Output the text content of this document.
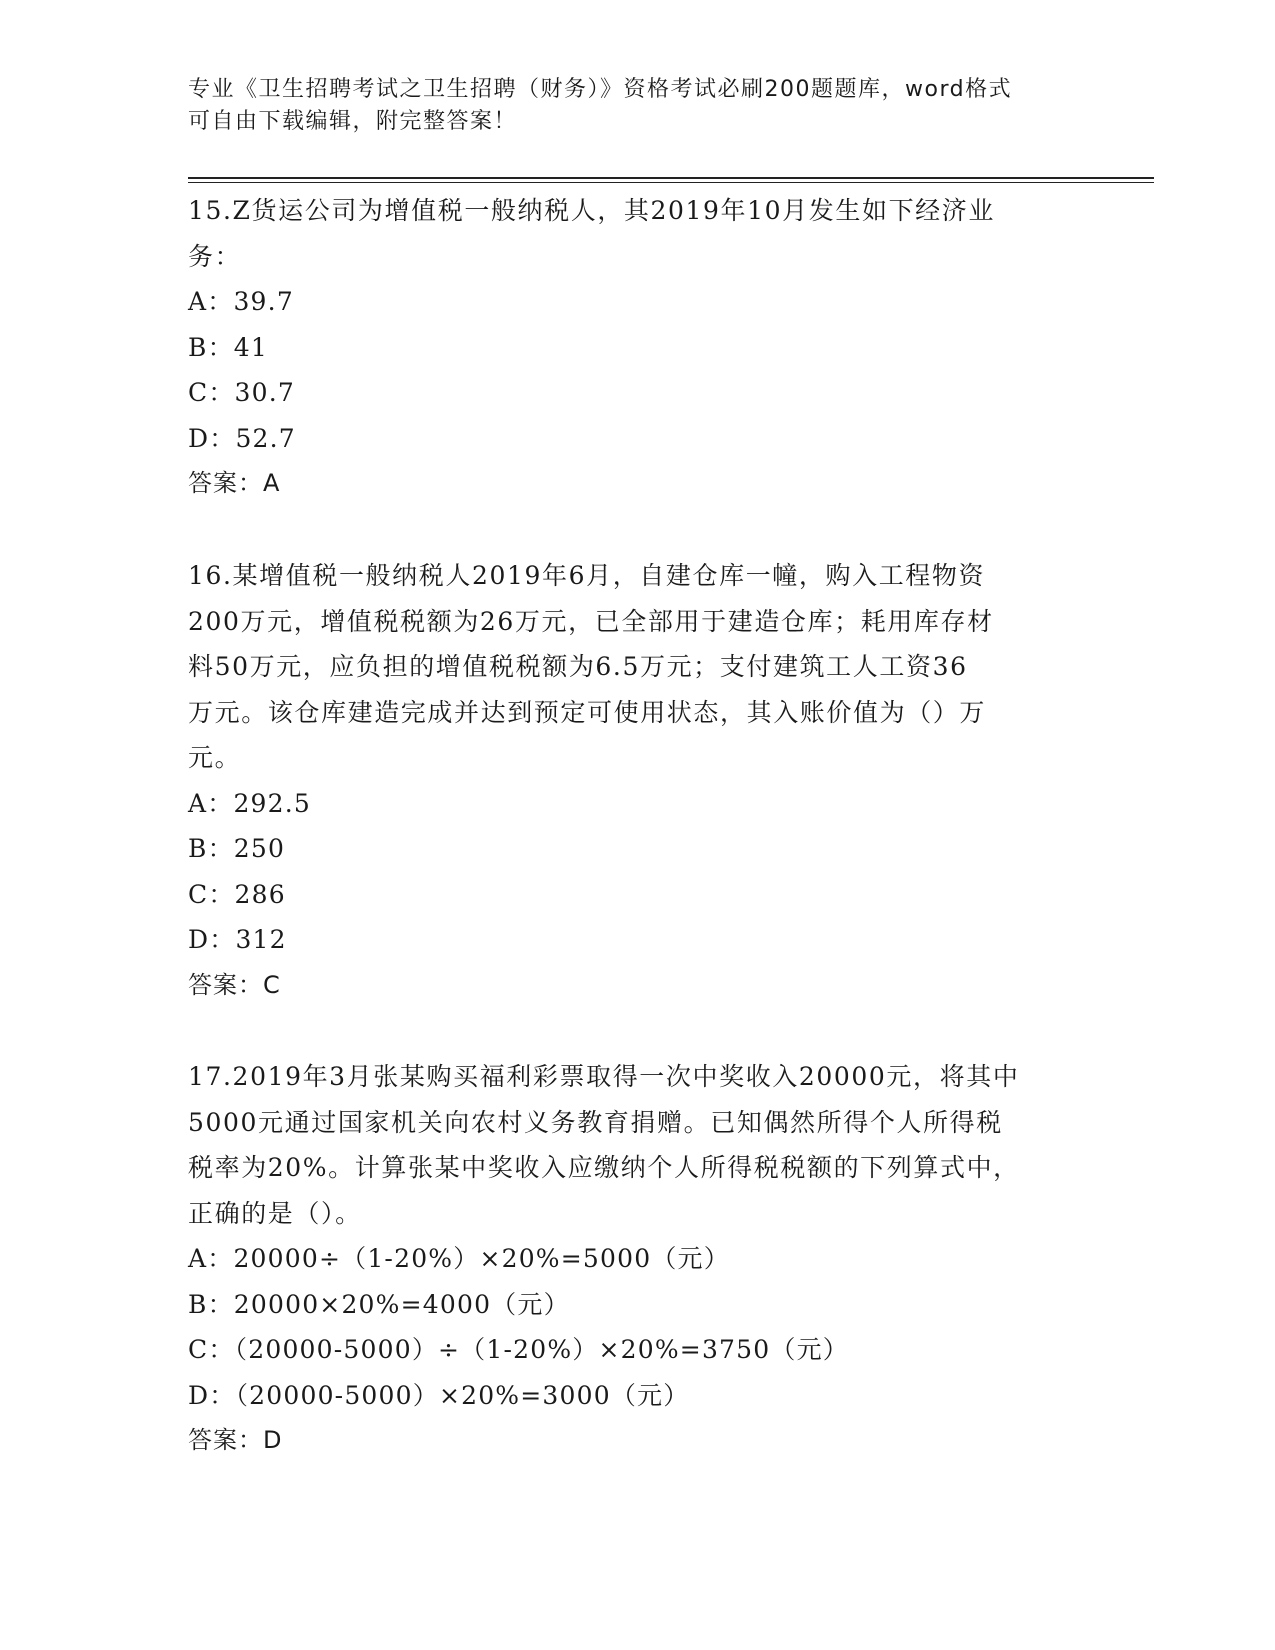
专业《卫生招聘考试之卫生招聘（财务）》资格考试必刷200题题库，word格式
可自由下载编辑，附完整答案！

15.Z货运公司为增值税一般纳税人，其2019年10月发生如下经济业

务：

A：39.7

B：41

C：30.7

D：52.7

答案：A

16.某增值税一般纳税人2019年6月，自建仓库一幢，购入工程物资

200万元，增值税税额为26万元，已全部用于建造仓库；耗用库存材

料50万元，应负担的增值税税额为6.5万元；支付建筑工人工资36

万元。该仓库建造完成并达到预定可使用状态，其入账价值为（）万

元。

A：292.5

B：250

C：286

D：312

答案：C

17.2019年3月张某购买福利彩票取得一次中奖收入20000元，将其中

5000元通过国家机关向农村义务教育捐赠。已知偶然所得个人所得税

税率为20%。计算张某中奖收入应缴纳个人所得税税额的下列算式中，

正确的是（）。

A：20000÷（1-20%）×20%=5000（元）

B：20000×20%=4000（元）

C：（20000-5000）÷（1-20%）×20%=3750（元）

D：（20000-5000）×20%=3000（元）

答案：D
